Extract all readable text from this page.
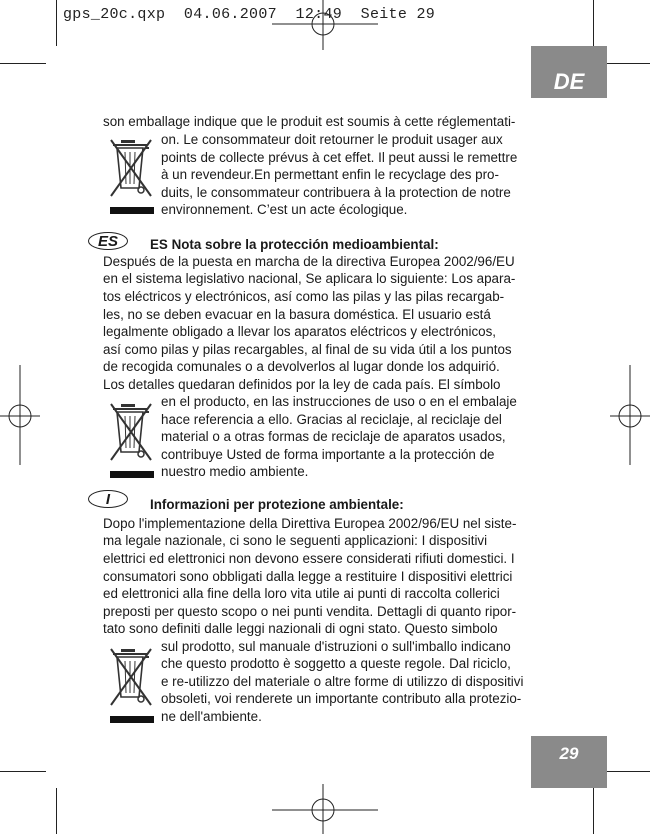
gps_20c.qxp  04.06.2007  12:49  Seite 29
DE
29
son emballage indique que le produit est soumis à cette réglementati-
on. Le consommateur doit retourner le produit usager aux
points de collecte prévus à cet effet. Il peut aussi le remettre
à un revendeur.En permettant enfin le recyclage des pro-
duits, le consommateur contribuera à la protection de notre
environnement. C’est un acte écologique.
ES	ES Nota sobre la protección medioambiental:
Después de la puesta en marcha de la directiva Europea 2002/96/EU
en el sistema legislativo nacional, Se aplicara lo siguiente: Los apara-
tos eléctricos y electrónicos, así como las pilas y las pilas recargab-
les, no se deben evacuar en la basura doméstica. El usuario está
legalmente obligado a llevar los aparatos eléctricos y electrónicos,
así como pilas y pilas recargables, al final de su vida útil a los puntos
de recogida comunales o a devolverlos al lugar donde los adquirió.
Los detalles quedaran definidos por la ley de cada país. El símbolo
en el producto, en las instrucciones de uso o en el embalaje
hace referencia a ello. Gracias al reciclaje, al reciclaje del
material o a otras formas de reciclaje de aparatos usados,
contribuye Usted de forma importante a la protección de
nuestro medio ambiente.
I	Informazioni per protezione ambientale:
Dopo l'implementazione della Direttiva Europea 2002/96/EU nel siste-
ma legale nazionale, ci sono le seguenti applicazioni: I dispositivi
elettrici ed elettronici non devono essere considerati rifiuti domestici. I
consumatori sono obbligati dalla legge a restituire I dispositivi elettrici
ed elettronici alla fine della loro vita utile ai punti di raccolta collerici
preposti per questo scopo o nei punti vendita. Dettagli di quanto ripor-
tato sono definiti dalle leggi nazionali di ogni stato. Questo simbolo
sul prodotto, sul manuale d'istruzioni o sull'imballo indicano
che questo prodotto è soggetto a queste regole. Dal riciclo,
e re-utilizzo del materiale o altre forme di utilizzo di dispositivi
obsoleti, voi renderete un importante contributo alla protezio-
ne dell'ambiente.
